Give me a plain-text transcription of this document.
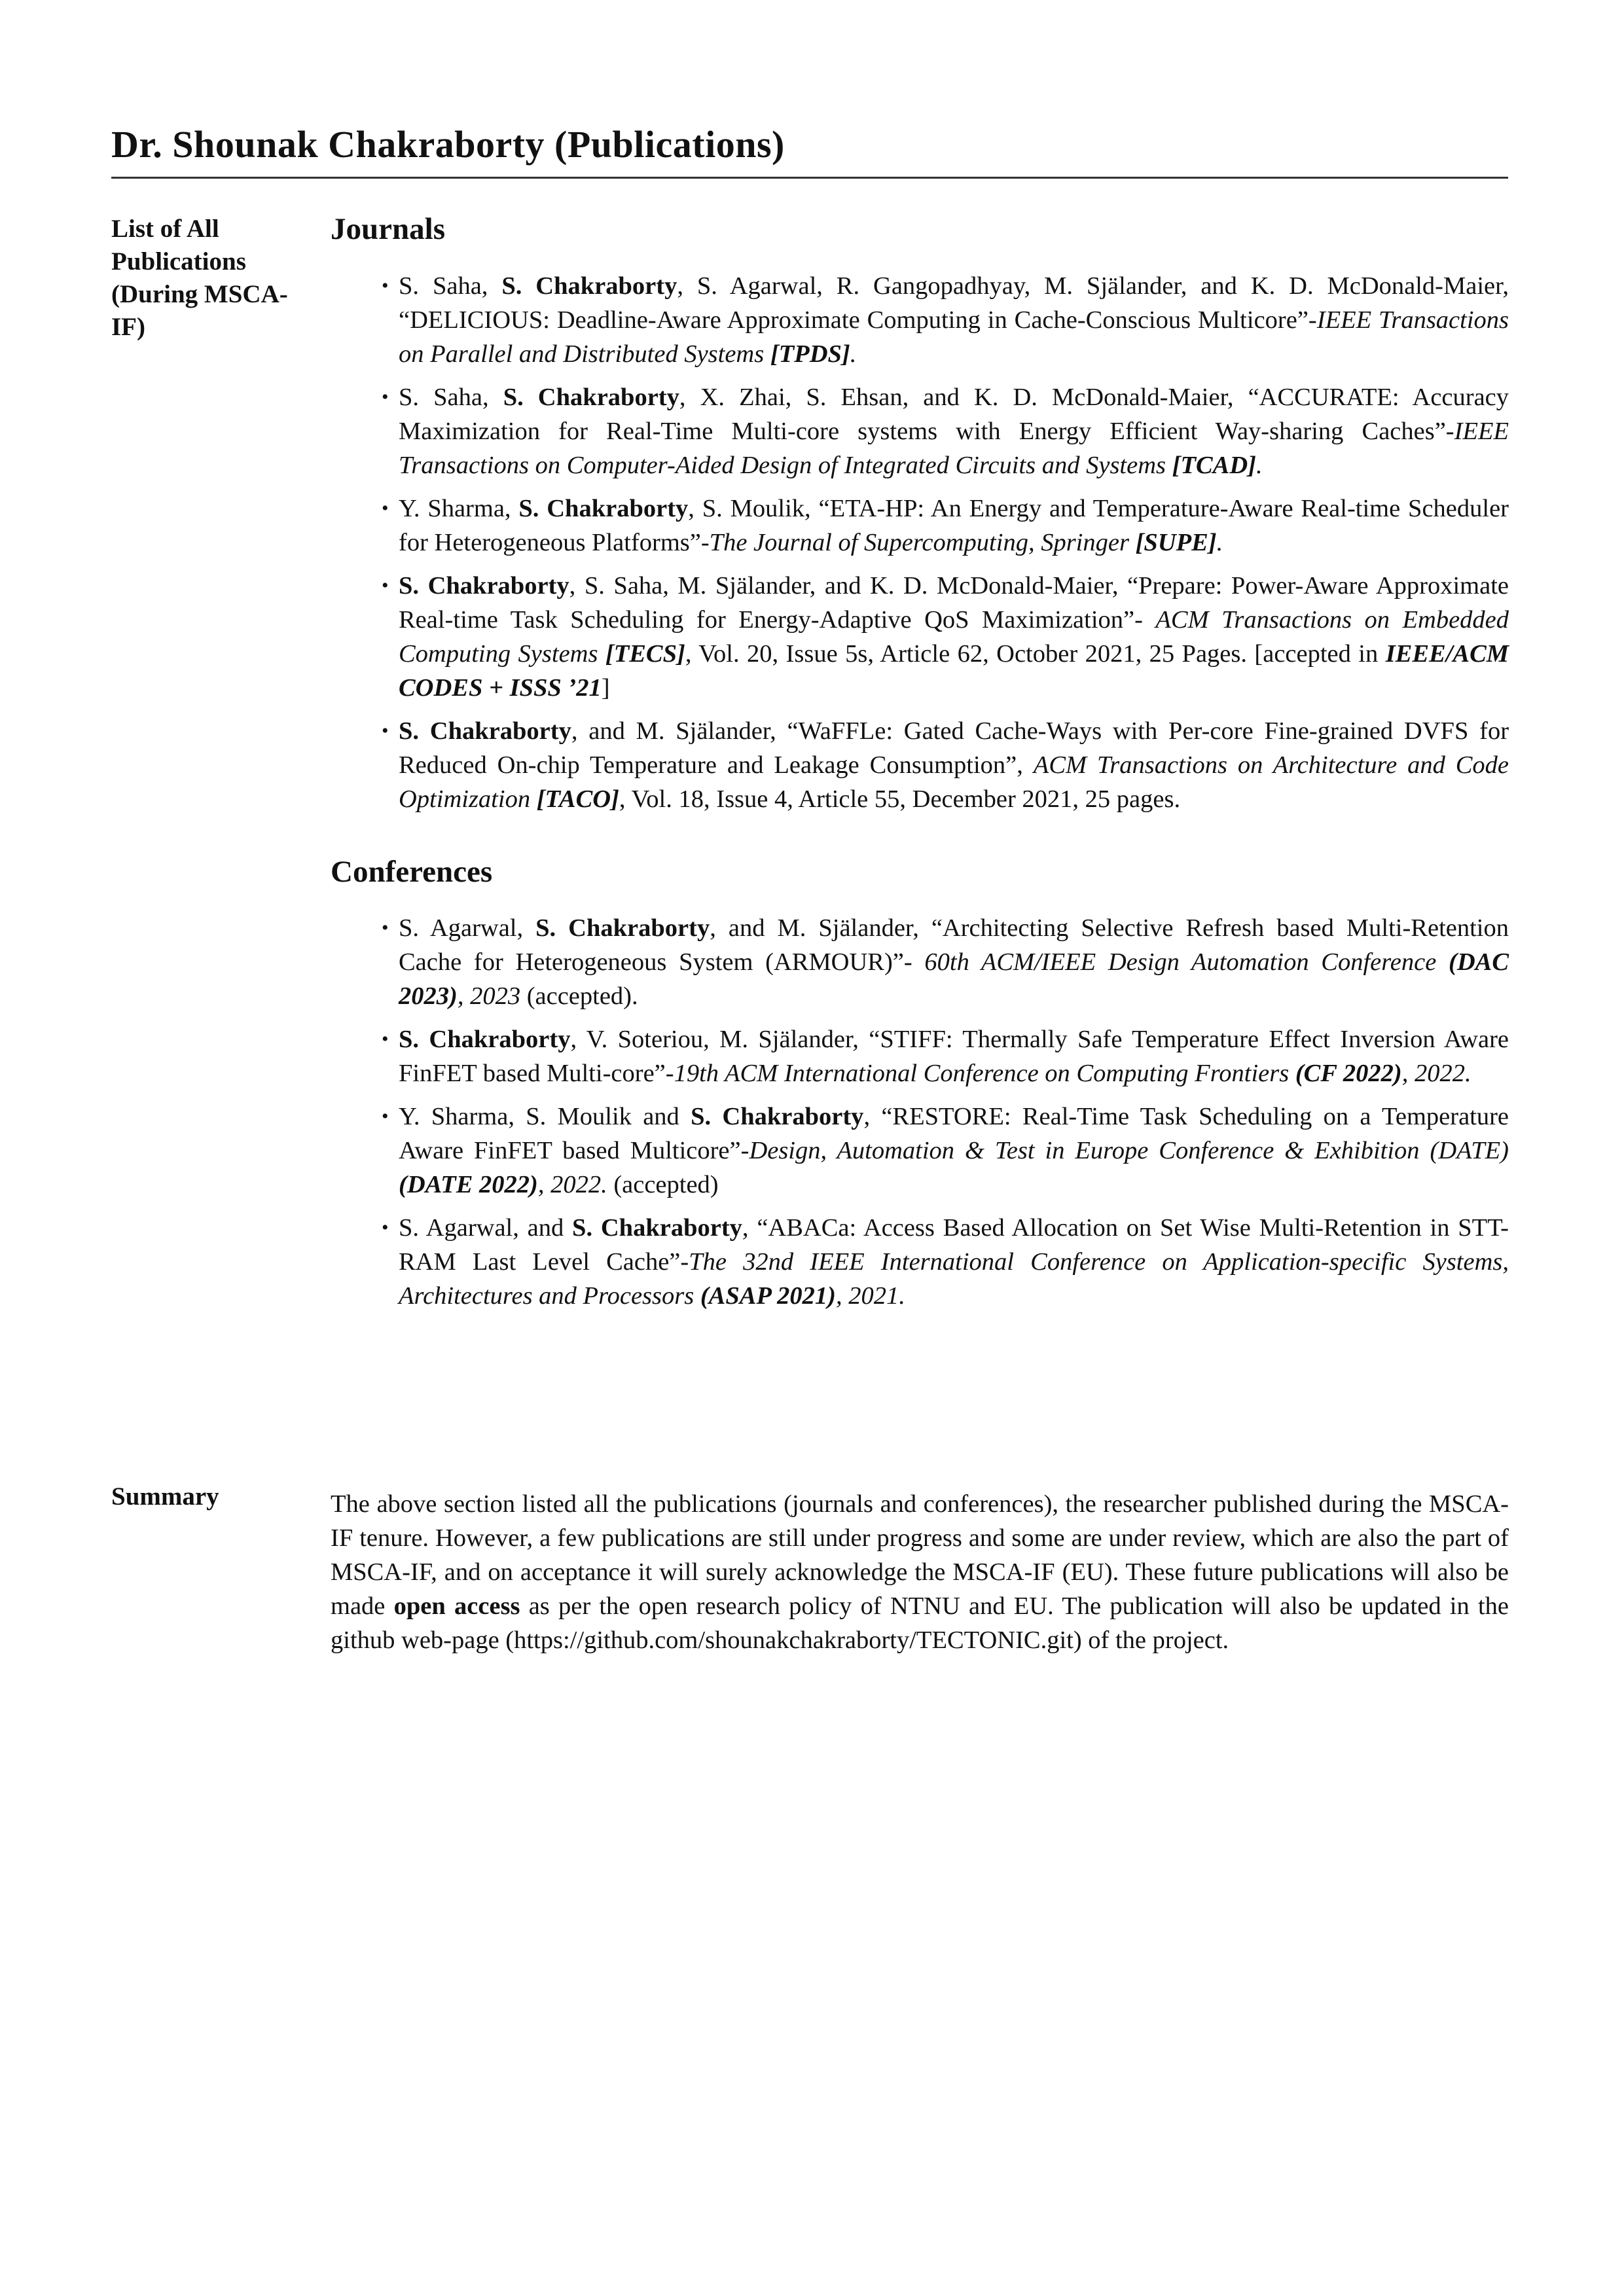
Dr. Shounak Chakraborty (Publications)
List of All Publications (During MSCA-IF)
Journals
• S. Saha, S. Chakraborty, S. Agarwal, R. Gangopadhyay, M. Själander, and K. D. McDonald-Maier, “DELICIOUS: Deadline-Aware Approximate Computing in Cache-Conscious Multicore”-IEEE Transactions on Parallel and Distributed Systems [TPDS].
• S. Saha, S. Chakraborty, X. Zhai, S. Ehsan, and K. D. McDonald-Maier, “ACCURATE: Accuracy Maximization for Real-Time Multi-core systems with Energy Efficient Way-sharing Caches”-IEEE Transactions on Computer-Aided Design of Integrated Circuits and Systems [TCAD].
• Y. Sharma, S. Chakraborty, S. Moulik, “ETA-HP: An Energy and Temperature-Aware Real-time Scheduler for Heterogeneous Platforms”-The Journal of Supercomputing, Springer [SUPE].
• S. Chakraborty, S. Saha, M. Själander, and K. D. McDonald-Maier, “Prepare: Power-Aware Approximate Real-time Task Scheduling for Energy-Adaptive QoS Maximization”- ACM Transactions on Embedded Computing Systems [TECS], Vol. 20, Issue 5s, Article 62, October 2021, 25 Pages. [accepted in IEEE/ACM CODES + ISSS ’21]
• S. Chakraborty, and M. Själander, “WaFFLe: Gated Cache-Ways with Per-core Fine-grained DVFS for Reduced On-chip Temperature and Leakage Consumption”, ACM Transactions on Architecture and Code Optimization [TACO], Vol. 18, Issue 4, Article 55, December 2021, 25 pages.
Conferences
• S. Agarwal, S. Chakraborty, and M. Själander, “Architecting Selective Refresh based Multi-Retention Cache for Heterogeneous System (ARMOUR)”- 60th ACM/IEEE Design Automation Conference (DAC 2023), 2023 (accepted).
• S. Chakraborty, V. Soteriou, M. Själander, “STIFF: Thermally Safe Temperature Effect Inversion Aware FinFET based Multi-core”-19th ACM International Conference on Computing Frontiers (CF 2022), 2022.
• Y. Sharma, S. Moulik and S. Chakraborty, “RESTORE: Real-Time Task Scheduling on a Temperature Aware FinFET based Multicore”-Design, Automation & Test in Europe Conference & Exhibition (DATE) (DATE 2022), 2022. (accepted)
• S. Agarwal, and S. Chakraborty, “ABACa: Access Based Allocation on Set Wise Multi-Retention in STT-RAM Last Level Cache”-The 32nd IEEE International Conference on Application-specific Systems, Architectures and Processors (ASAP 2021), 2021.
Summary	The above section listed all the publications (journals and conferences), the researcher published during the MSCA-IF tenure. However, a few publications are still under progress and some are under review, which are also the part of MSCA-IF, and on acceptance it will surely acknowledge the MSCA-IF (EU). These future publications will also be made open access as per the open research policy of NTNU and EU. The publication will also be updated in the github web-page (https://github.com/shounakchakraborty/TECTONIC.git) of the project.
